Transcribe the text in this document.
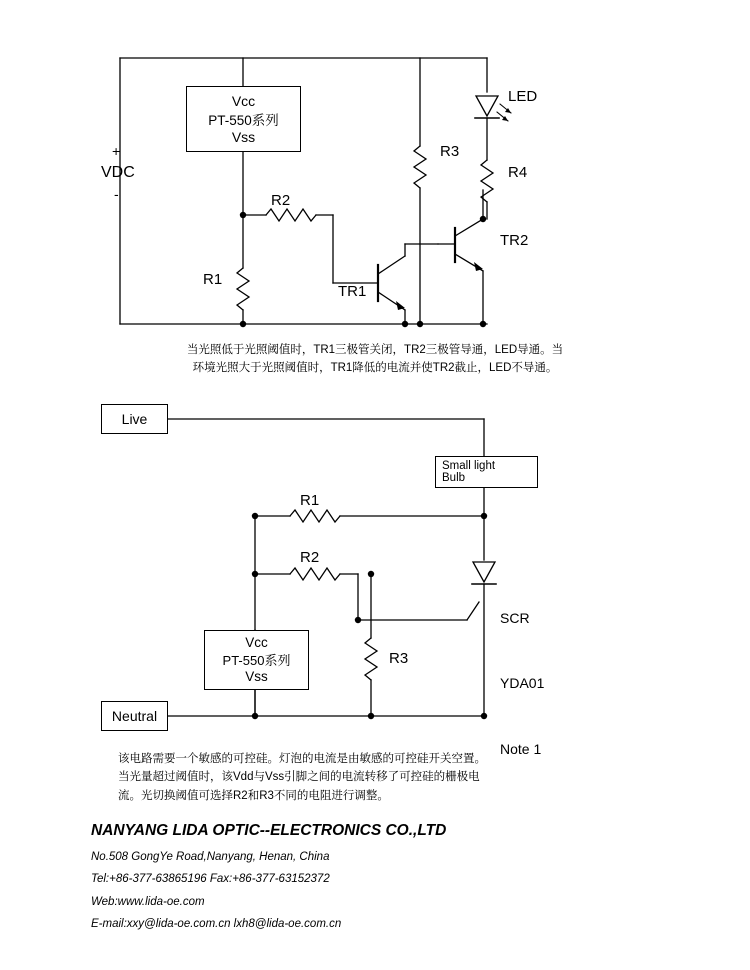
Vcc
PT-550系列
Vss
+
VDC
-
R1
R2
R3
R4
TR1
TR2
LED
当光照低于光照阈值时，TR1三极管关闭，TR2三极管导通，LED导通。当
环境光照大于光照阈值时，TR1降低的电流并使TR2截止，LED不导通。
Live
Neutral
Small light
Bulb
Vcc
PT-550系列
Vss
R1
R2
R3

SCR

YDA01

Note 1

该电路需要一个敏感的可控硅。灯泡的电流是由敏感的可控硅开关空置。
当光量超过阈值时，该Vdd与Vss引脚之间的电流转移了可控硅的栅极电
流。光切换阈值可选择R2和R3不同的电阻进行调整。
NANYANG LIDA OPTIC--ELECTRONICS CO.,LTD
No.508 GongYe Road,Nanyang, Henan, China
Tel:+86-377-63865196 Fax:+86-377-63152372
Web:www.lida-oe.com
E-mail:xxy@lida-oe.com.cn lxh8@lida-oe.com.cn
